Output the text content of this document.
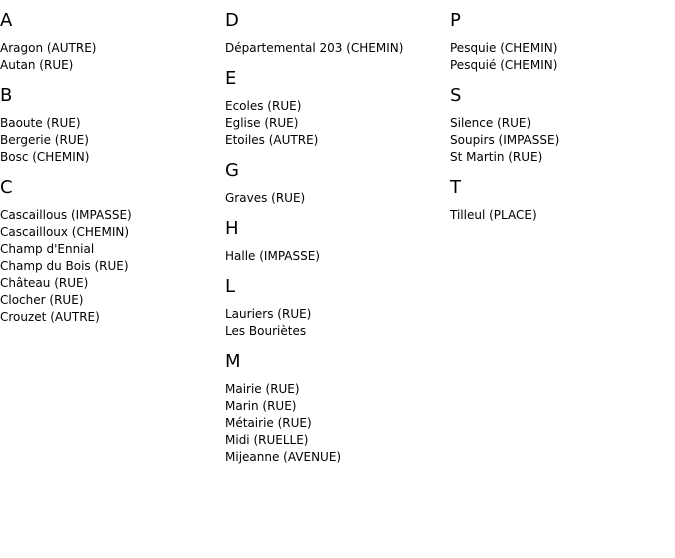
A
Aragon (AUTRE)
Autan (RUE)
B
Baoute (RUE)
Bergerie (RUE)
Bosc (CHEMIN)
C
Cascaillous (IMPASSE)
Cascailloux (CHEMIN)
Champ d'Ennial
Champ du Bois (RUE)
Château (RUE)
Clocher (RUE)
Crouzet (AUTRE)
D
Départemental 203 (CHEMIN)
E
Ecoles (RUE)
Eglise (RUE)
Etoiles (AUTRE)
G
Graves (RUE)
H
Halle (IMPASSE)
L
Lauriers (RUE)
Les Bouriètes
M
Mairie (RUE)
Marin (RUE)
Métairie (RUE)
Midi (RUELLE)
Mijeanne (AVENUE)
P
Pesquie (CHEMIN)
Pesquié (CHEMIN)
S
Silence (RUE)
Soupirs (IMPASSE)
St Martin (RUE)
T
Tilleul (PLACE)
